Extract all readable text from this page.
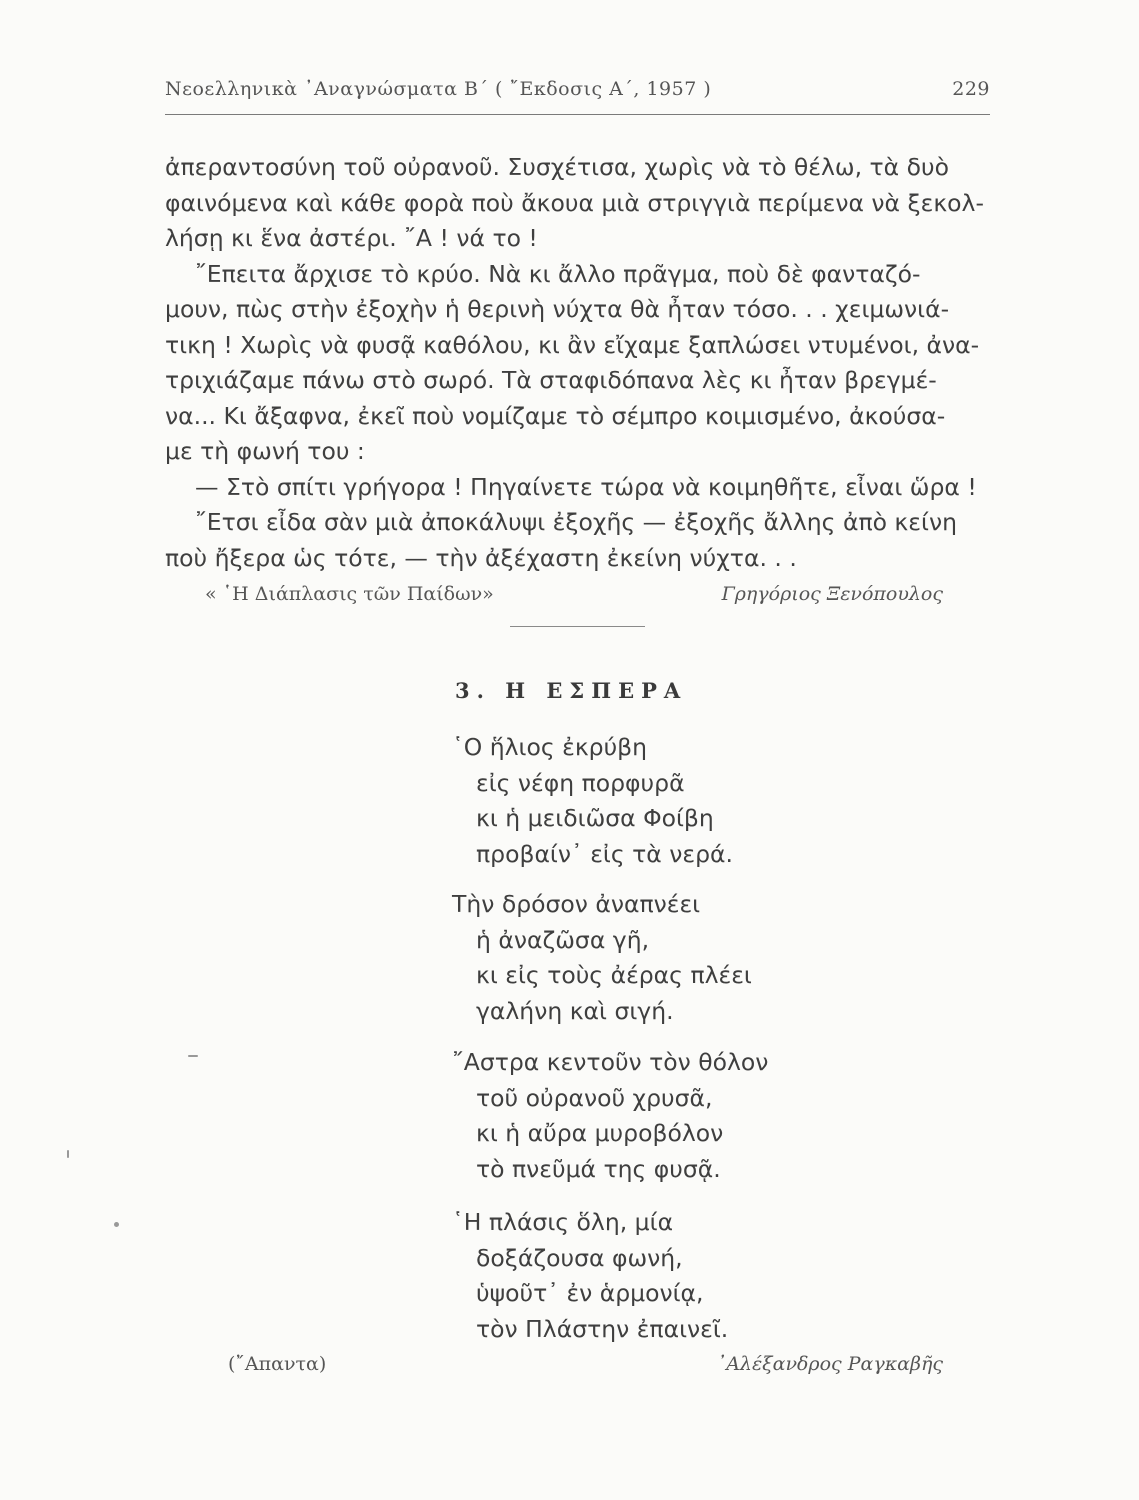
Νεοελληνικὰ ᾿Αναγνώσματα Β΄ ( ῎Εκδοσις Α΄, 1957 )	229
ἀπεραντοσύνη τοῦ οὐρανοῦ. Συσχέτισα, χωρὶς νὰ τὸ θέλω, τὰ δυὸ
φαινόμενα καὶ κάθε φορὰ ποὺ ἄκουα μιὰ στριγγιὰ περίμενα νὰ ξεκολ-
λήσῃ κι ἕνα ἀστέρι. ῎Α ! νά το !
῎Επειτα ἄρχισε τὸ κρύο. Νὰ κι ἄλλο πρᾶγμα, ποὺ δὲ φανταζό-
μουν, πὼς στὴν ἐξοχὴν ἡ θερινὴ νύχτα θὰ ἦταν τόσο. . . χειμωνιά-
τικη ! Χωρὶς νὰ φυσᾷ καθόλου, κι ἂν εἴχαμε ξαπλώσει ντυμένοι, ἀνα-
τριχιάζαμε πάνω στὸ σωρό. Τὰ σταφιδόπανα λὲς κι ἦταν βρεγμέ-
να... Κι ἄξαφνα, ἐκεῖ ποὺ νομίζαμε τὸ σέμπρο κοιμισμένο, ἀκούσα-
με τὴ φωνή του :
— Στὸ σπίτι γρήγορα ! Πηγαίνετε τώρα νὰ κοιμηθῆτε, εἶναι ὥρα !
῎Ετσι εἶδα σὰν μιὰ ἀποκάλυψι ἐξοχῆς — ἐξοχῆς ἄλλης ἀπὸ κείνη
ποὺ ἤξερα ὡς τότε, — τὴν ἀξέχαστη ἐκείνη νύχτα. . .
« ῾Η Διάπλασις τῶν Παίδων»	Γρηγόριος Ξενόπουλος
3. Η ΕΣΠΕΡΑ
῾Ο ἥλιος ἐκρύβη
εἰς νέφη πορφυρᾶ
κι ἡ μειδιῶσα Φοίβη
προβαίν᾽ εἰς τὰ νερά.
Τὴν δρόσον ἀναπνέει
ἡ ἀναζῶσα γῆ,
κι εἰς τοὺς ἀέρας πλέει
γαλήνη καὶ σιγή.
῎Αστρα κεντοῦν τὸν θόλον
τοῦ οὐρανοῦ χρυσᾶ,
κι ἡ αὔρα μυροβόλον
τὸ πνεῦμά της φυσᾷ.
῾Η πλάσις ὅλη, μία
δοξάζουσα φωνή,
ὑψοῦτ᾽ ἐν ἁρμονίᾳ,
τὸν Πλάστην ἐπαινεῖ.
(῎Απαντα)	᾿Αλέξανδρος Ραγκαβῆς
